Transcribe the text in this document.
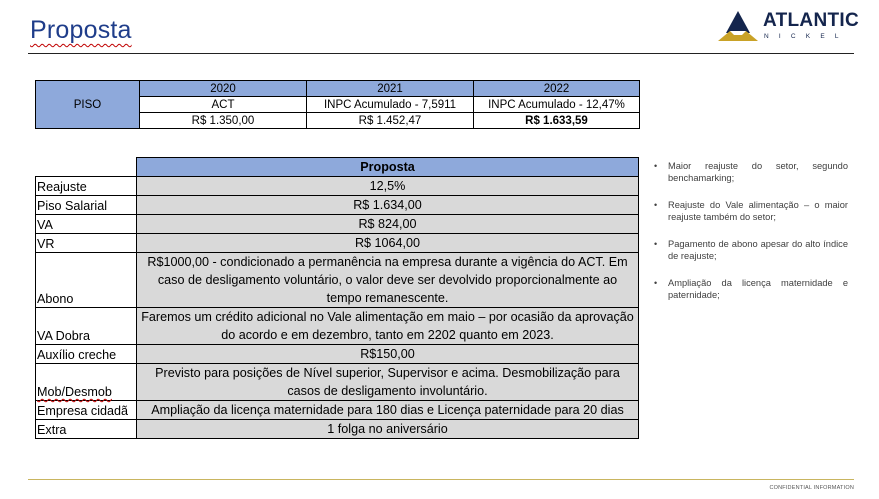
Proposta	ATLANTIC
NICKEL
PISO	2020	2021	2022
	ACT	INPC Acumulado - 7,5911	INPC Acumulado - 12,47%
	R$ 1.350,00	R$ 1.452,47	R$ 1.633,59
	Proposta
Reajuste	12,5%
Piso Salarial	R$ 1.634,00
VA	R$ 824,00
VR	R$ 1064,00
Abono	R$1000,00 - condicionado a permanência na empresa durante a vigência do ACT. Em caso de desligamento voluntário, o valor deve ser devolvido proporcionalmente ao tempo remanescente.
VA Dobra	Faremos um crédito adicional no Vale alimentação em maio – por ocasião da aprovação do acordo e em dezembro, tanto em 2202 quanto em 2023.
Auxílio creche	R$150,00
Mob/Desmob	Previsto para posições de Nível superior, Supervisor e acima. Desmobilização para casos de desligamento involuntário.
Empresa cidadã	Ampliação da licença maternidade para 180 dias e Licença paternidade para 20 dias
Extra	1 folga no aniversário
• Maior reajuste do setor, segundo benchamarking;
• Reajuste do Vale alimentação – o maior reajuste também do setor;
• Pagamento de abono apesar do alto índice de reajuste;
• Ampliação da licença maternidade e paternidade;
CONFIDENTIAL INFORMATION
